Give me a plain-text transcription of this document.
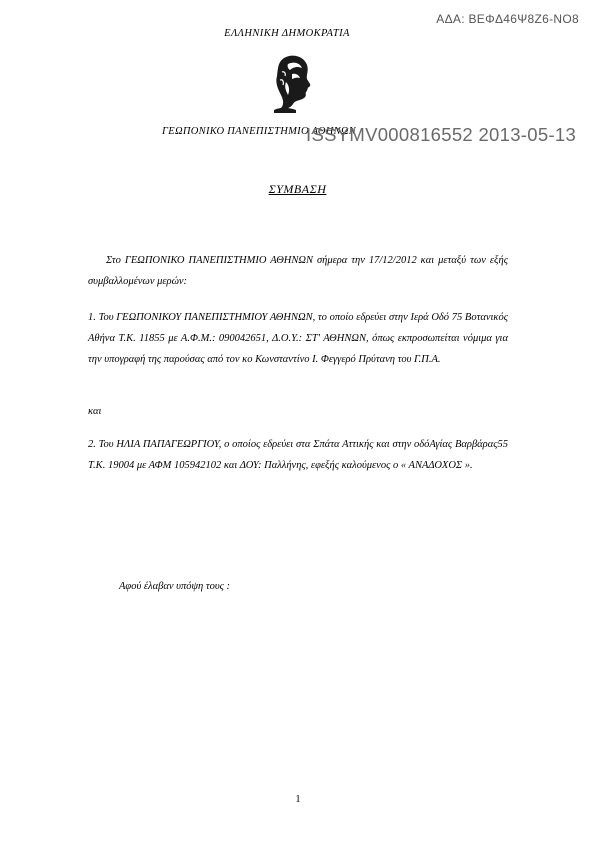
ΑΔΑ: ΒΕΦΔ46Ψ8Ζ6-ΝΟ8
ΕΛΛΗΝΙΚΗ ΔΗΜΟΚΡΑΤΙΑ
ΓΕΩΠΟΝΙΚΟ ΠΑΝΕΠΙΣΤΗΜΙΟ ΑΘΗΝΩΝ
ISSYMV000816552 2013-05-13
ΣΥΜΒΑΣΗ
Στο ΓΕΩΠΟΝΙΚΟ ΠΑΝΕΠΙΣΤΗΜΙΟ ΑΘΗΝΩΝ σήμερα την 17/12/2012 και μεταξύ των εξής συμβαλλομένων μερών:
1. Του ΓΕΩΠΟΝΙΚΟΥ ΠΑΝΕΠΙΣΤΗΜΙΟΥ ΑΘΗΝΩΝ, το οποίο εδρεύει στην Ιερά Οδό 75 Βοτανικός Αθήνα Τ.Κ. 11855 με Α.Φ.Μ.: 090042651, Δ.Ο.Υ.: ΣΤ' ΑΘΗΝΩΝ, όπως εκπροσωπείται νόμιμα για την υπογραφή της παρούσας από τον κο Κωνσταντίνο Ι. Φεγγερό Πρύτανη του Γ.Π.Α.
και
2. Του ΗΛΙΑ ΠΑΠΑΓΕΩΡΓΙΟΥ, ο οποίος εδρεύει στα Σπάτα Αττικής και στην οδόΑγίας Βαρβάρας55 Τ.Κ. 19004 με ΑΦΜ 105942102 και ΔΟΥ: Παλλήνης, εφεξής καλούμενος ο « ΑΝΑΔΟΧΟΣ ».
Αφού έλαβαν υπόψη τους :
1
